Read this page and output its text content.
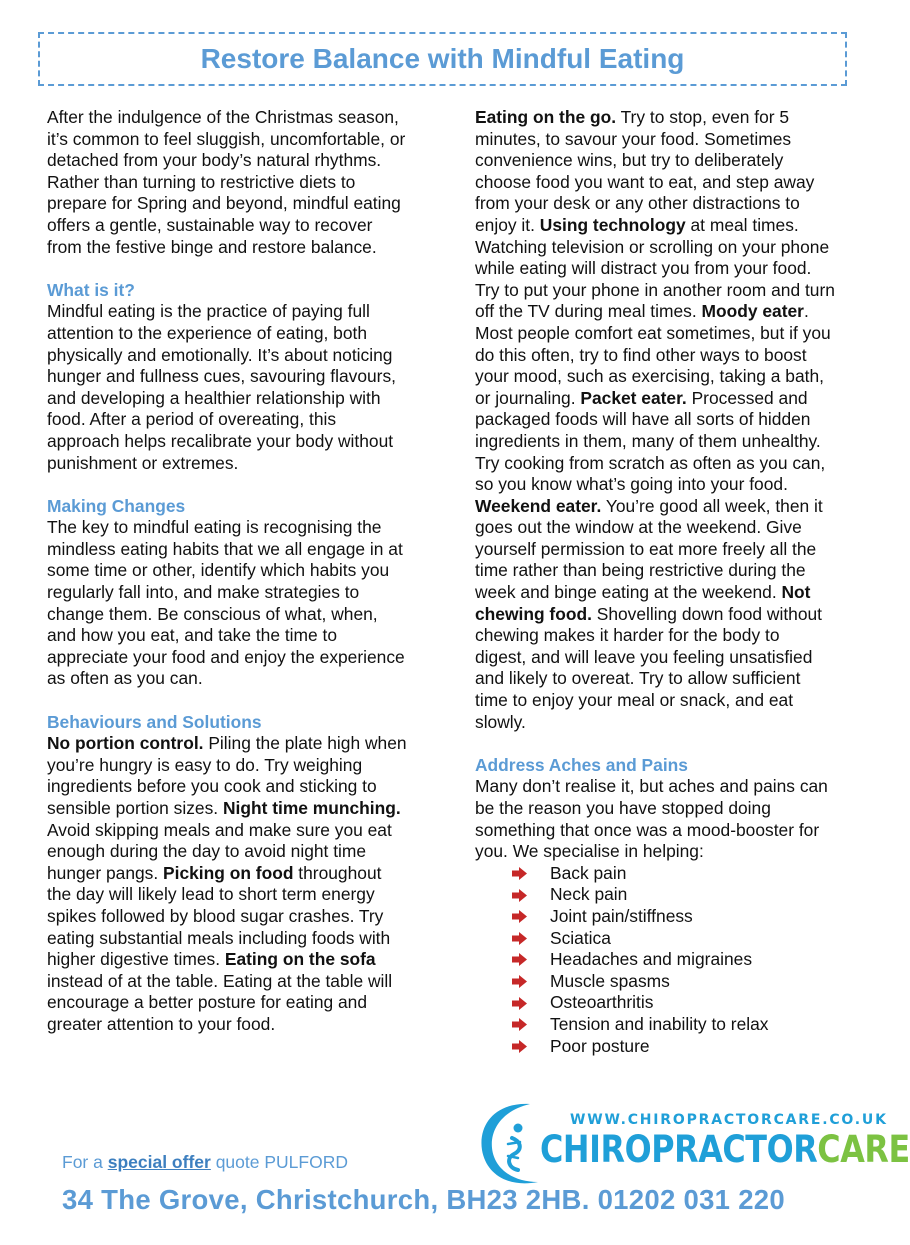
Restore Balance with Mindful Eating

After the indulgence of the Christmas season, it’s common to feel sluggish, uncomfortable, or detached from your body’s natural rhythms. Rather than turning to restrictive diets to prepare for Spring and beyond, mindful eating offers a gentle, sustainable way to recover from the festive binge and restore balance.

What is it?

Mindful eating is the practice of paying full attention to the experience of eating, both physically and emotionally. It’s about noticing hunger and fullness cues, savouring flavours, and developing a healthier relationship with food. After a period of overeating, this approach helps recalibrate your body without punishment or extremes.

Making Changes

The key to mindful eating is recognising the mindless eating habits that we all engage in at some time or other, identify which habits you regularly fall into, and make strategies to change them. Be conscious of what, when, and how you eat, and take the time to appreciate your food and enjoy the experience as often as you can.

Behaviours and Solutions

No portion control. Piling the plate high when you’re hungry is easy to do. Try weighing ingredients before you cook and sticking to sensible portion sizes. Night time munching. Avoid skipping meals and make sure you eat enough during the day to avoid night time hunger pangs. Picking on food throughout the day will likely lead to short term energy spikes followed by blood sugar crashes. Try eating substantial meals including foods with higher digestive times. Eating on the sofa instead of at the table. Eating at the table will encourage a better posture for eating and greater attention to your food.

Eating on the go. Try to stop, even for 5 minutes, to savour your food. Sometimes convenience wins, but try to deliberately choose food you want to eat, and step away from your desk or any other distractions to enjoy it. Using technology at meal times. Watching television or scrolling on your phone while eating will distract you from your food. Try to put your phone in another room and turn off the TV during meal times. Moody eater. Most people comfort eat sometimes, but if you do this often, try to find other ways to boost your mood, such as exercising, taking a bath, or journaling. Packet eater. Processed and packaged foods will have all sorts of hidden ingredients in them, many of them unhealthy. Try cooking from scratch as often as you can, so you know what’s going into your food. Weekend eater. You’re good all week, then it goes out the window at the weekend. Give yourself permission to eat more freely all the time rather than being restrictive during the week and binge eating at the weekend. Not chewing food. Shovelling down food without chewing makes it harder for the body to digest, and will leave you feeling unsatisfied and likely to overeat. Try to allow sufficient time to enjoy your meal or snack, and eat slowly.

Address Aches and Pains

Many don’t realise it, but aches and pains can be the reason you have stopped doing something that once was a mood-booster for you. We specialise in helping:

Back pain
Neck pain
Joint pain/stiffness
Sciatica
Headaches and migraines
Muscle spasms
Osteoarthritis
Tension and inability to relax
Poor posture
WWW.CHIROPRACTORCARE.CO.UK
CHIROPRACTORCARE
For a special offer quote PULFORD
34 The Grove, Christchurch, BH23 2HB. 01202 031 220
